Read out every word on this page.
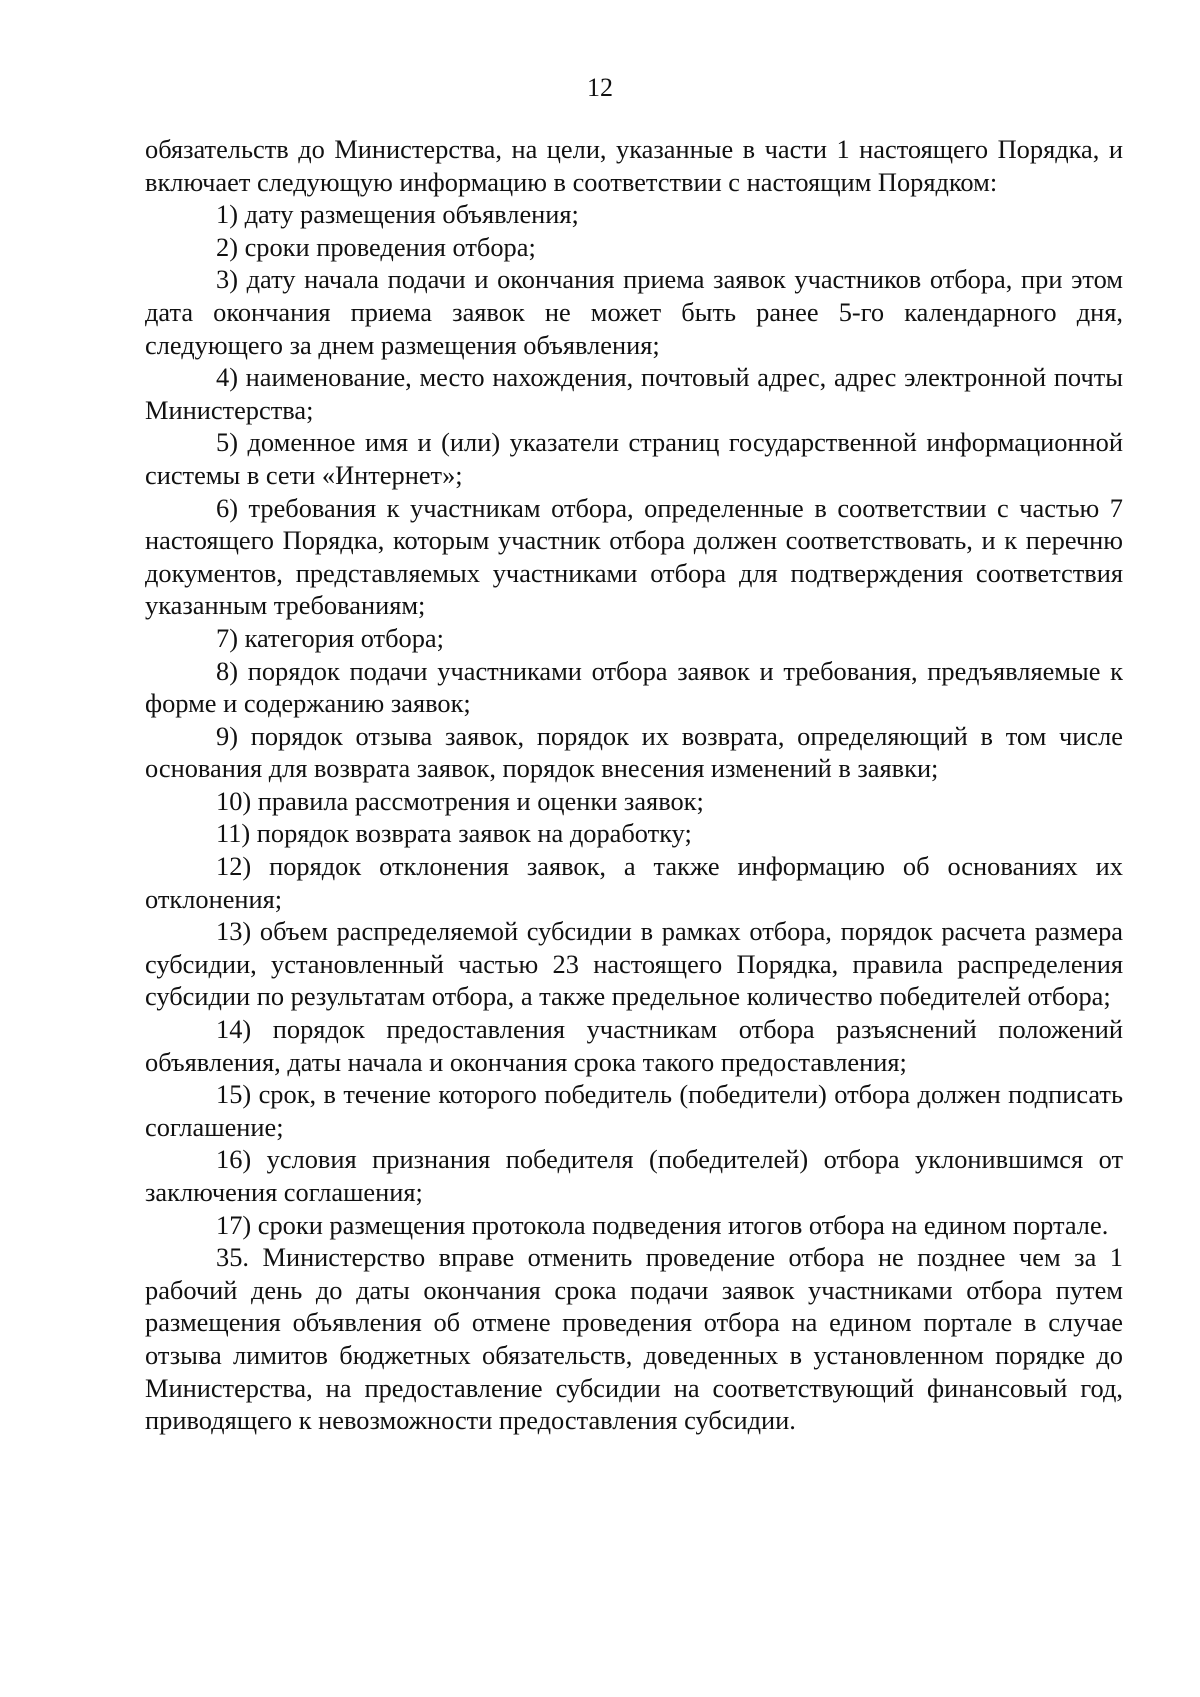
12

обязательств до Министерства, на цели, указанные в части 1 настоящего Порядка, и включает следующую информацию в соответствии с настоящим Порядком:

1) дату размещения объявления;

2) сроки проведения отбора;

3) дату начала подачи и окончания приема заявок участников отбора, при этом дата окончания приема заявок не может быть ранее 5-го календарного дня, следующего за днем размещения объявления;

4) наименование, место нахождения, почтовый адрес, адрес электронной почты Министерства;

5) доменное имя и (или) указатели страниц государственной информационной системы в сети «Интернет»;

6) требования к участникам отбора, определенные в соответствии с частью 7 настоящего Порядка, которым участник отбора должен соответствовать, и к перечню документов, представляемых участниками отбора для подтверждения соответствия указанным требованиям;

7) категория отбора;

8) порядок подачи участниками отбора заявок и требования, предъявляемые к форме и содержанию заявок;

9) порядок отзыва заявок, порядок их возврата, определяющий в том числе основания для возврата заявок, порядок внесения изменений в заявки;

10) правила рассмотрения и оценки заявок;

11) порядок возврата заявок на доработку;

12) порядок отклонения заявок, а также информацию об основаниях их отклонения;

13) объем распределяемой субсидии в рамках отбора, порядок расчета размера субсидии, установленный частью 23 настоящего Порядка, правила распределения субсидии по результатам отбора, а также предельное количество победителей отбора;

14) порядок предоставления участникам отбора разъяснений положений объявления, даты начала и окончания срока такого предоставления;

15) срок, в течение которого победитель (победители) отбора должен подписать соглашение;

16) условия признания победителя (победителей) отбора уклонившимся от заключения соглашения;

17) сроки размещения протокола подведения итогов отбора на едином портале.

35. Министерство вправе отменить проведение отбора не позднее чем за 1 рабочий день до даты окончания срока подачи заявок участниками отбора путем размещения объявления об отмене проведения отбора на едином портале в случае отзыва лимитов бюджетных обязательств, доведенных в установленном порядке до Министерства, на предоставление субсидии на соответствующий финансовый год, приводящего к невозможности предоставления субсидии.
